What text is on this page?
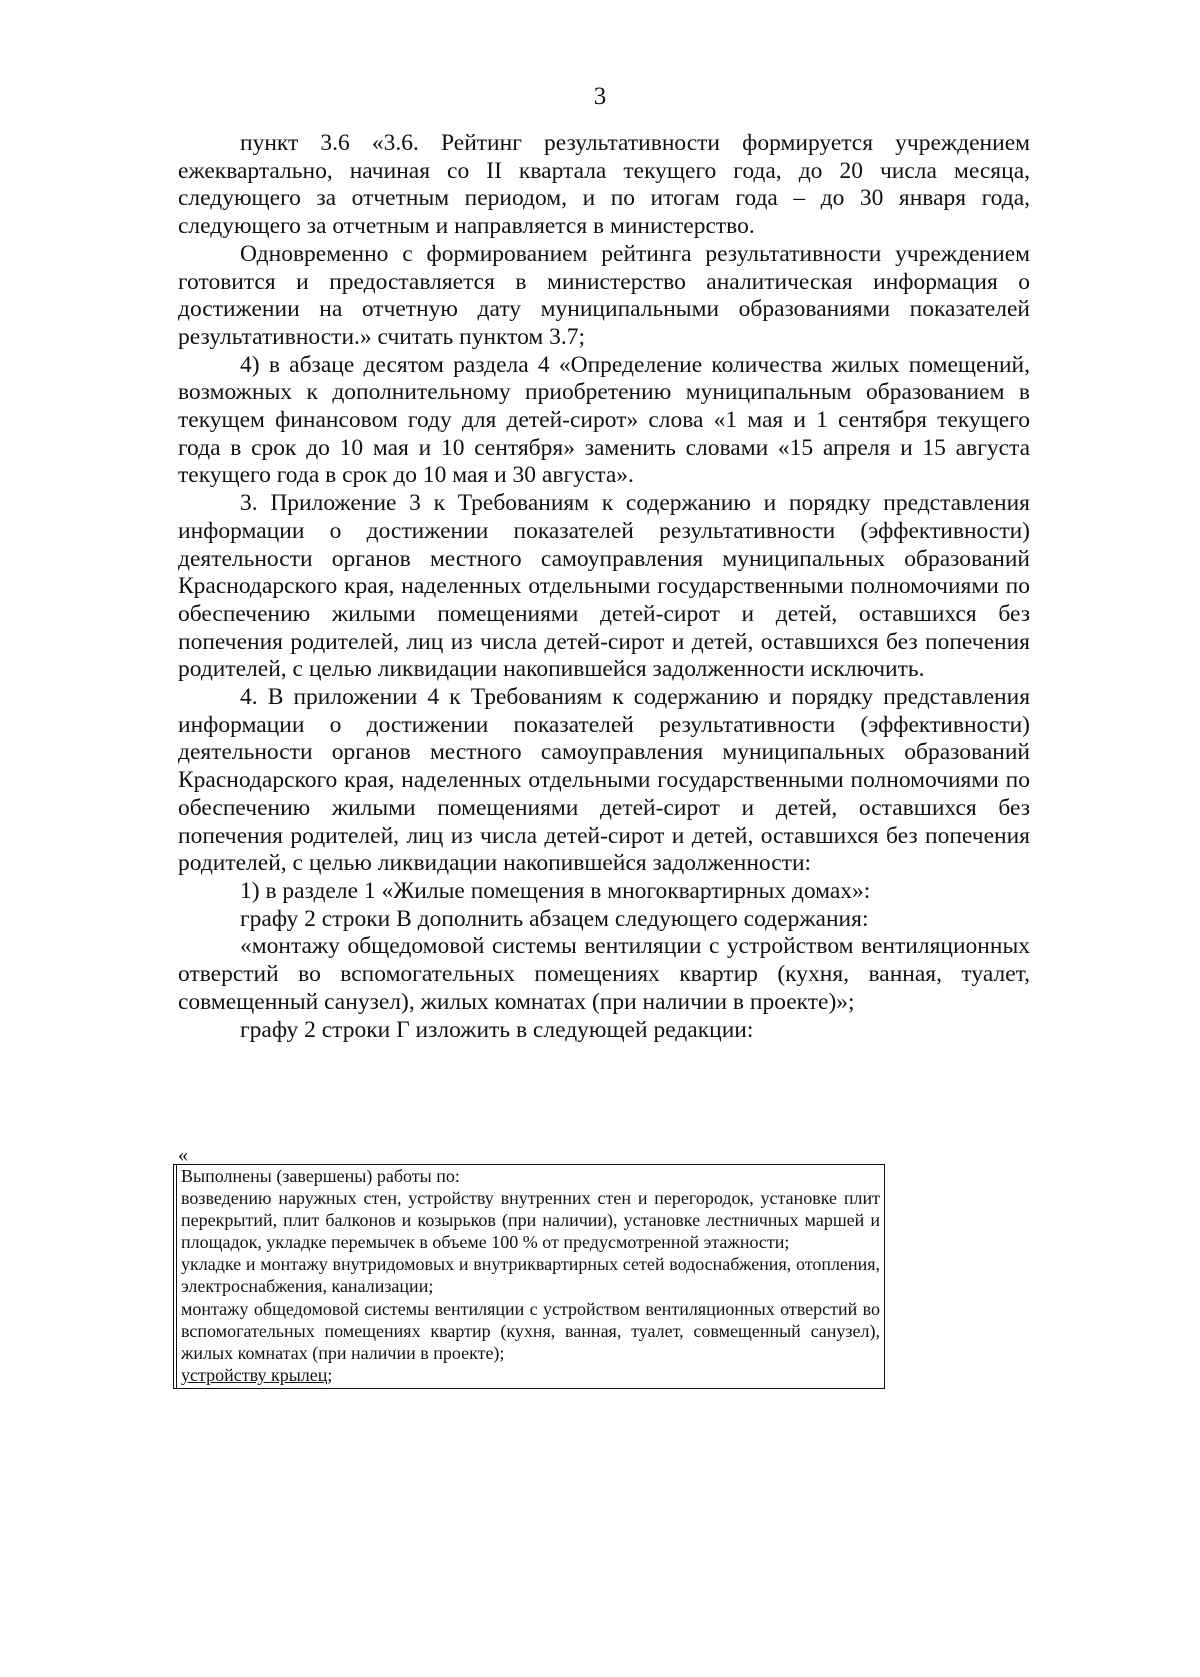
3

пункт 3.6 «3.6. Рейтинг результативности формируется учреждением ежеквартально, начиная со II квартала текущего года, до 20 числа месяца, следующего за отчетным периодом, и по итогам года – до 30 января года, следующего за отчетным и направляется в министерство.

Одновременно с формированием рейтинга результативности учреждением готовится и предоставляется в министерство аналитическая информация о достижении на отчетную дату муниципальными образованиями показателей результативности.» считать пунктом 3.7;

4) в абзаце десятом раздела 4 «Определение количества жилых помещений, возможных к дополнительному приобретению муниципальным образованием в текущем финансовом году для детей-сирот» слова «1 мая и 1 сентября текущего года в срок до 10 мая и 10 сентября» заменить словами «15 апреля и 15 августа текущего года в срок до 10 мая и 30 августа».

3. Приложение 3 к Требованиям к содержанию и порядку представления информации о достижении показателей результативности (эффективности) деятельности органов местного самоуправления муниципальных образований Краснодарского края, наделенных отдельными государственными полномочиями по обеспечению жилыми помещениями детей-сирот и детей, оставшихся без попечения родителей, лиц из числа детей-сирот и детей, оставшихся без попечения родителей, с целью ликвидации накопившейся задолженности исключить.

4. В приложении 4 к Требованиям к содержанию и порядку представления информации о достижении показателей результативности (эффективности) деятельности органов местного самоуправления муниципальных образований Краснодарского края, наделенных отдельными государственными полномочиями по обеспечению жилыми помещениями детей-сирот и детей, оставшихся без попечения родителей, лиц из числа детей-сирот и детей, оставшихся без попечения родителей, с целью ликвидации накопившейся задолженности:

1) в разделе 1 «Жилые помещения в многоквартирных домах»:

графу 2 строки В дополнить абзацем следующего содержания:

«монтажу общедомовой системы вентиляции с устройством вентиляционных отверстий во вспомогательных помещениях квартир (кухня, ванная, туалет, совмещенный санузел), жилых комнатах (при наличии в проекте)»;

графу 2 строки Г изложить в следующей редакции:

«
Выполнены (завершены) работы по:
возведению наружных стен, устройству внутренних стен и перегородок, установке плит перекрытий, плит балконов и козырьков (при наличии), установке лестничных маршей и площадок, укладке перемычек в объеме 100 % от предусмотренной этажности;
укладке и монтажу внутридомовых и внутриквартирных сетей водоснабжения, отопления, электроснабжения, канализации;
монтажу общедомовой системы вентиляции с устройством вентиляционных отверстий во вспомогательных помещениях квартир (кухня, ванная, туалет, совмещенный санузел), жилых комнатах (при наличии в проекте);
устройству крылец;
